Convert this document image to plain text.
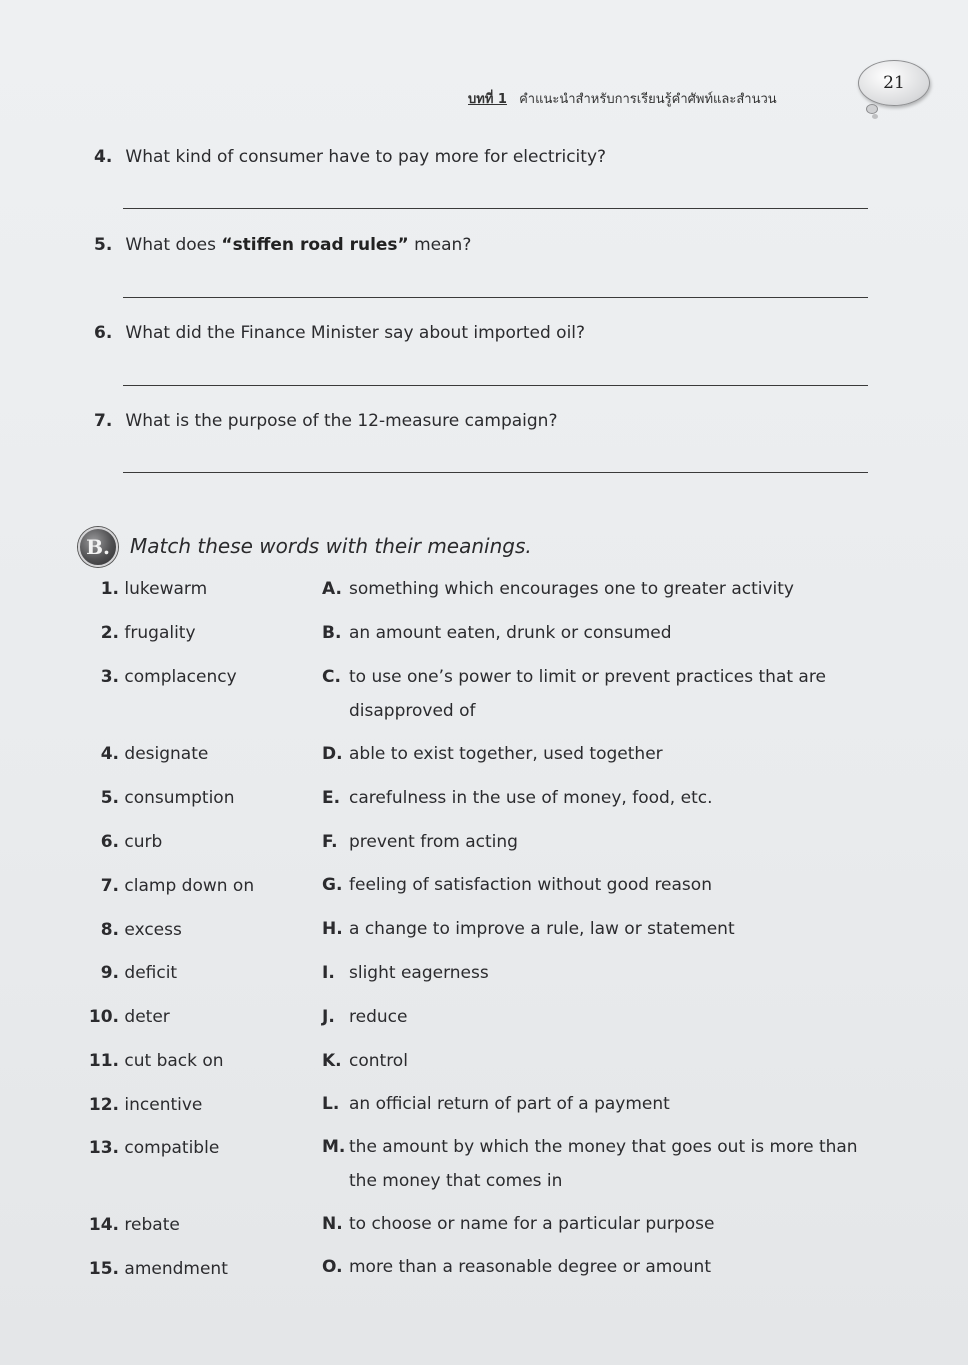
บทที่ 1 คำแนะนำสำหรับการเรียนรู้คำศัพท์และสำนวน
21
4. What kind of consumer have to pay more for electricity?
5. What does “stiffen road rules” mean?
6. What did the Finance Minister say about imported oil?
7. What is the purpose of the 12-measure campaign?
B. Match these words with their meanings.
1. lukewarm
2. frugality
3. complacency
4. designate
5. consumption
6. curb
7. clamp down on
8. excess
9. deficit
10. deter
11. cut back on
12. incentive
13. compatible
14. rebate
15. amendment
A. something which encourages one to greater activity
B. an amount eaten, drunk or consumed
C. to use one’s power to limit or prevent practices that are
disapproved of
D. able to exist together, used together
E. carefulness in the use of money, food, etc.
F. prevent from acting
G. feeling of satisfaction without good reason
H. a change to improve a rule, law or statement
I. slight eagerness
J. reduce
K. control
L. an official return of part of a payment
M. the amount by which the money that goes out is more than
the money that comes in
N. to choose or name for a particular purpose
O. more than a reasonable degree or amount
